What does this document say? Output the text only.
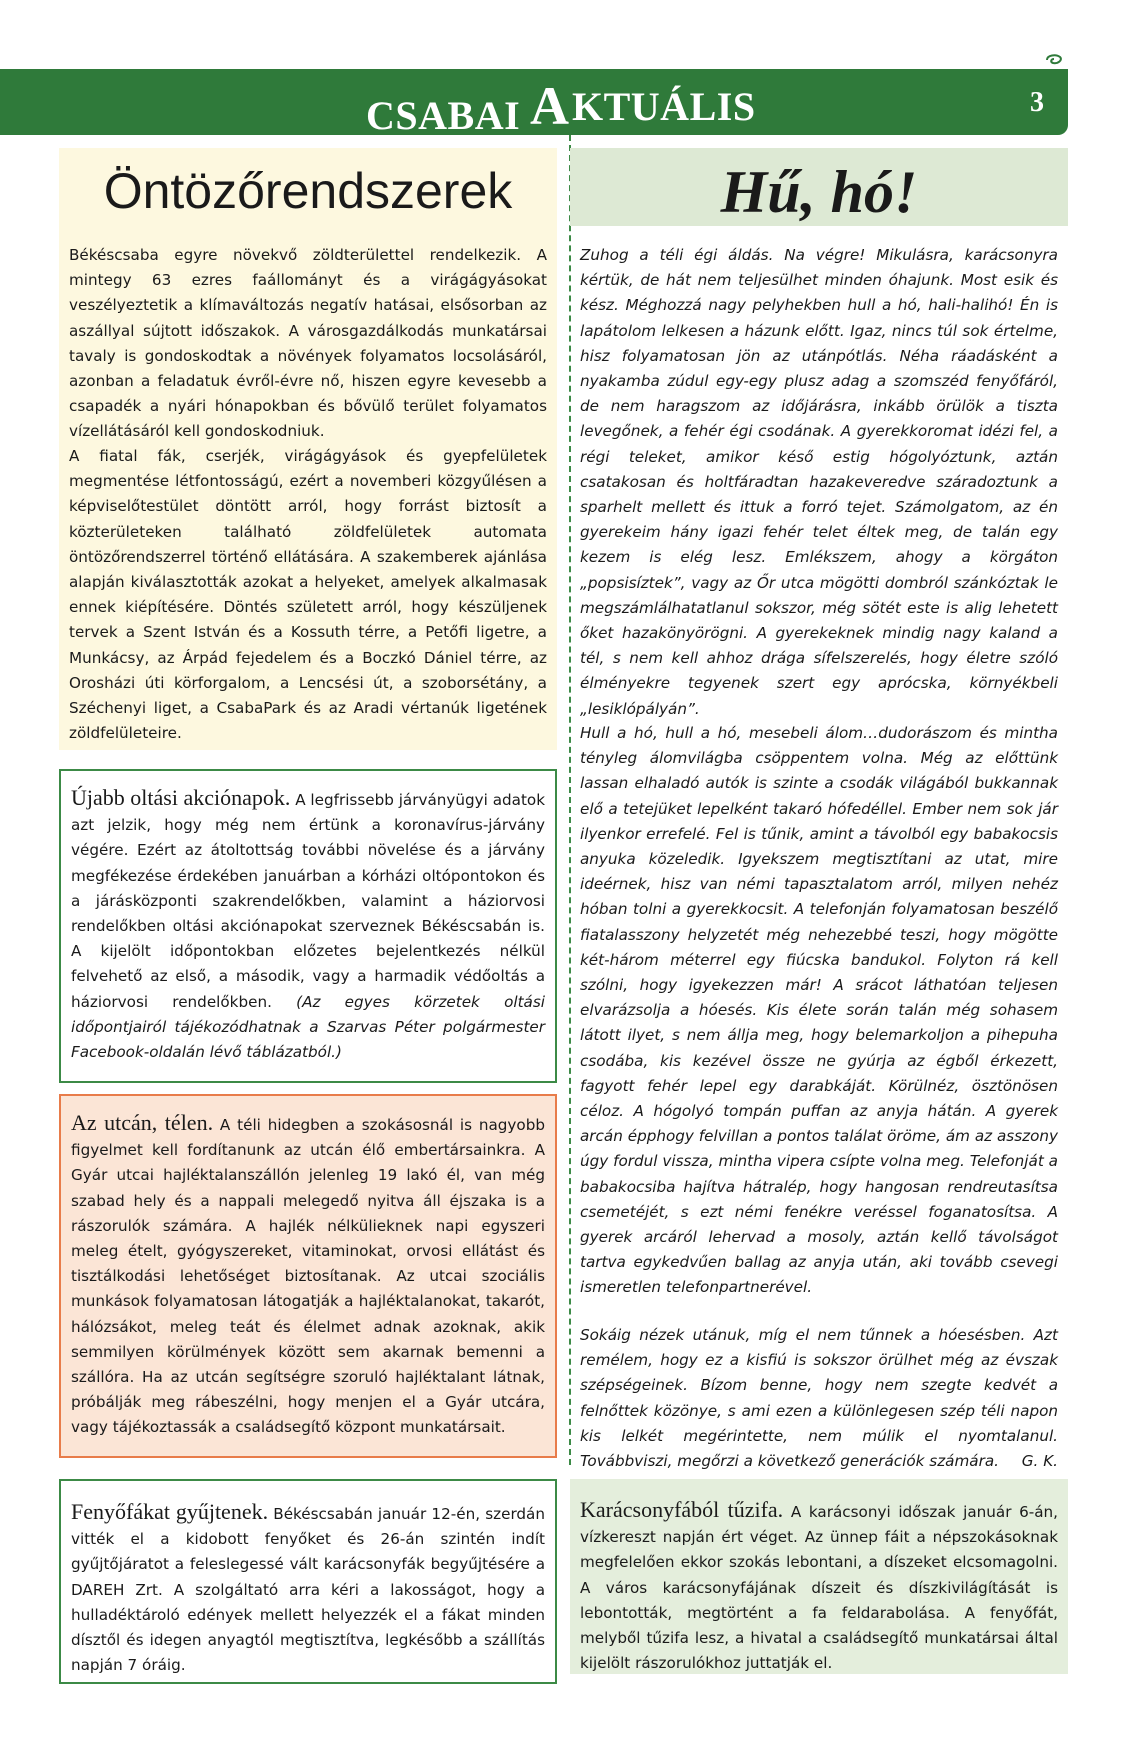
CSABAI A KTUÁLIS	3
Öntözőrendszerek

Békéscsaba egyre növekvő zöldterülettel rendelkezik. A mintegy 63 ezres faállományt és a virágágyásokat veszélyeztetik a klímaváltozás negatív hatásai, elsősorban az aszállyal sújtott időszakok. A városgazdálkodás munkatársai tavaly is gondoskodtak a növények folyamatos locsolásáról, azonban a feladatuk évről-évre nő, hiszen egyre kevesebb a csapadék a nyári hónapokban és bővülő terület folyamatos vízellátásáról kell gondoskodniuk.

A fiatal fák, cserjék, virágágyások és gyepfelületek megmentése létfontosságú, ezért a novemberi közgyűlésen a képviselőtestület döntött arról, hogy forrást biztosít a közterületeken található zöldfelületek automata öntözőrendszerrel történő ellátására. A szakemberek ajánlása alapján kiválasztották azokat a helyeket, amelyek alkalmasak ennek kiépítésére. Döntés született arról, hogy készüljenek tervek a Szent István és a Kossuth térre, a Petőfi ligetre, a Munkácsy, az Árpád fejedelem és a Boczkó Dániel térre, az Orosházi úti körforgalom, a Lencsési út, a szoborsétány, a Széchenyi liget, a CsabaPark és az Aradi vértanúk ligetének zöldfelületeire.

Hű, hó!

Zuhog a téli égi áldás. Na végre! Mikulásra, karácsonyra kértük, de hát nem teljesülhet minden óhajunk. Most esik és kész. Méghozzá nagy pelyhekben hull a hó, hali-halihó! Én is lapátolom lelkesen a házunk előtt. Igaz, nincs túl sok értelme, hisz folyamatosan jön az utánpótlás. Néha ráadásként a nyakamba zúdul egy-egy plusz adag a szomszéd fenyőfáról, de nem haragszom az időjárásra, inkább örülök a tiszta levegőnek, a fehér égi csodának. A gyerekkoromat idézi fel, a régi teleket, amikor késő estig hógolyóztunk, aztán csatakosan és holtfáradtan hazakeveredve száradoztunk a sparhelt mellett és ittuk a forró tejet. Számolgatom, az én gyerekeim hány igazi fehér telet éltek meg, de talán egy kezem is elég lesz. Emlékszem, ahogy a körgáton „popsisíztek”, vagy az Őr utca mögötti dombról szánkóztak le megszámlálhatatlanul sokszor, még sötét este is alig lehetett őket hazakönyörögni. A gyerekeknek mindig nagy kaland a tél, s nem kell ahhoz drága sífelszerelés, hogy életre szóló élményekre tegyenek szert egy aprócska, környékbeli „lesiklópályán”.

Hull a hó, hull a hó, mesebeli álom…dudorászom és mintha tényleg álomvilágba csöppentem volna. Még az előttünk lassan elhaladó autók is szinte a csodák világából bukkannak elő a tetejüket lepelként takaró hófedéllel. Ember nem sok jár ilyenkor errefelé. Fel is tűnik, amint a távolból egy babakocsis anyuka közeledik. Igyekszem megtisztítani az utat, mire ideérnek, hisz van némi tapasztalatom arról, milyen nehéz hóban tolni a gyerekkocsit. A telefonján folyamatosan beszélő fiatalasszony helyzetét még nehezebbé teszi, hogy mögötte két-három méterrel egy fiúcska bandukol. Folyton rá kell szólni, hogy igyekezzen már! A srácot láthatóan teljesen elvarázsolja a hóesés. Kis élete során talán még sohasem látott ilyet, s nem állja meg, hogy belemarkoljon a pihepuha csodába, kis kezével össze ne gyúrja az égből érkezett, fagyott fehér lepel egy darabkáját. Körülnéz, ösztönösen céloz. A hógolyó tompán puffan az anyja hátán. A gyerek arcán épphogy felvillan a pontos találat öröme, ám az asszony úgy fordul vissza, mintha vipera csípte volna meg. Telefonját a babakocsiba hajítva hátralép, hogy hangosan rendreutasítsa csemetéjét, s ezt némi fenékre veréssel foganatosítsa. A gyerek arcáról lehervad a mosoly, aztán kellő távolságot tartva egykedvűen ballag az anyja után, aki tovább csevegi ismeretlen telefonpartnerével.

Sokáig nézek utánuk, míg el nem tűnnek a hóesésben. Azt remélem, hogy ez a kisfiú is sokszor örülhet még az évszak szépségeinek. Bízom benne, hogy nem szegte kedvét a felnőttek közönye, s ami ezen a különlegesen szép téli napon kis lelkét megérintette, nem múlik el nyomtalanul. Továbbviszi, megőrzi a következő generációk számára. G. K.

Újabb oltási akciónapok. A legfrissebb járványügyi adatok azt jelzik, hogy még nem értünk a koronavírus-járvány végére. Ezért az átoltottság további növelése és a járvány megfékezése érdekében januárban a kórházi oltópontokon és a járásközponti szakrendelőkben, valamint a háziorvosi rendelőkben oltási akciónapokat szerveznek Békéscsabán is. A kijelölt időpontokban előzetes bejelentkezés nélkül felvehető az első, a második, vagy a harmadik védőoltás a háziorvosi rendelőkben. (Az egyes körzetek oltási időpontjairól tájékozódhatnak a Szarvas Péter polgármester Facebook-oldalán lévő táblázatból.)

Az utcán, télen. A téli hidegben a szokásosnál is nagyobb figyelmet kell fordítanunk az utcán élő embertársainkra. A Gyár utcai hajléktalanszállón jelenleg 19 lakó él, van még szabad hely és a nappali melegedő nyitva áll éjszaka is a rászorulók számára. A hajlék nélkülieknek napi egyszeri meleg ételt, gyógyszereket, vitaminokat, orvosi ellátást és tisztálkodási lehetőséget biztosítanak. Az utcai szociális munkások folyamatosan látogatják a hajléktalanokat, takarót, hálózsákot, meleg teát és élelmet adnak azoknak, akik semmilyen körülmények között sem akarnak bemenni a szállóra. Ha az utcán segítségre szoruló hajléktalant látnak, próbálják meg rábeszélni, hogy menjen el a Gyár utcára, vagy tájékoztassák a családsegítő központ munkatársait.

Fenyőfákat gyűjtenek. Békéscsabán január 12-én, szerdán vitték el a kidobott fenyőket és 26-án szintén indít gyűjtőjáratot a feleslegessé vált karácsonyfák begyűjtésére a DAREH Zrt. A szolgáltató arra kéri a lakosságot, hogy a hulladéktároló edények mellett helyezzék el a fákat minden dísztől és idegen anyagtól megtisztítva, legkésőbb a szállítás napján 7 óráig.

Karácsonyfából tűzifa. A karácsonyi időszak január 6-án, vízkereszt napján ért véget. Az ünnep fáit a népszokásoknak megfelelően ekkor szokás lebontani, a díszeket elcsomagolni. A város karácsonyfájának díszeit és díszkivilágítását is lebontották, megtörtént a fa feldarabolása. A fenyőfát, melyből tűzifa lesz, a hivatal a családsegítő munkatársai által kijelölt rászorulókhoz juttatják el.
